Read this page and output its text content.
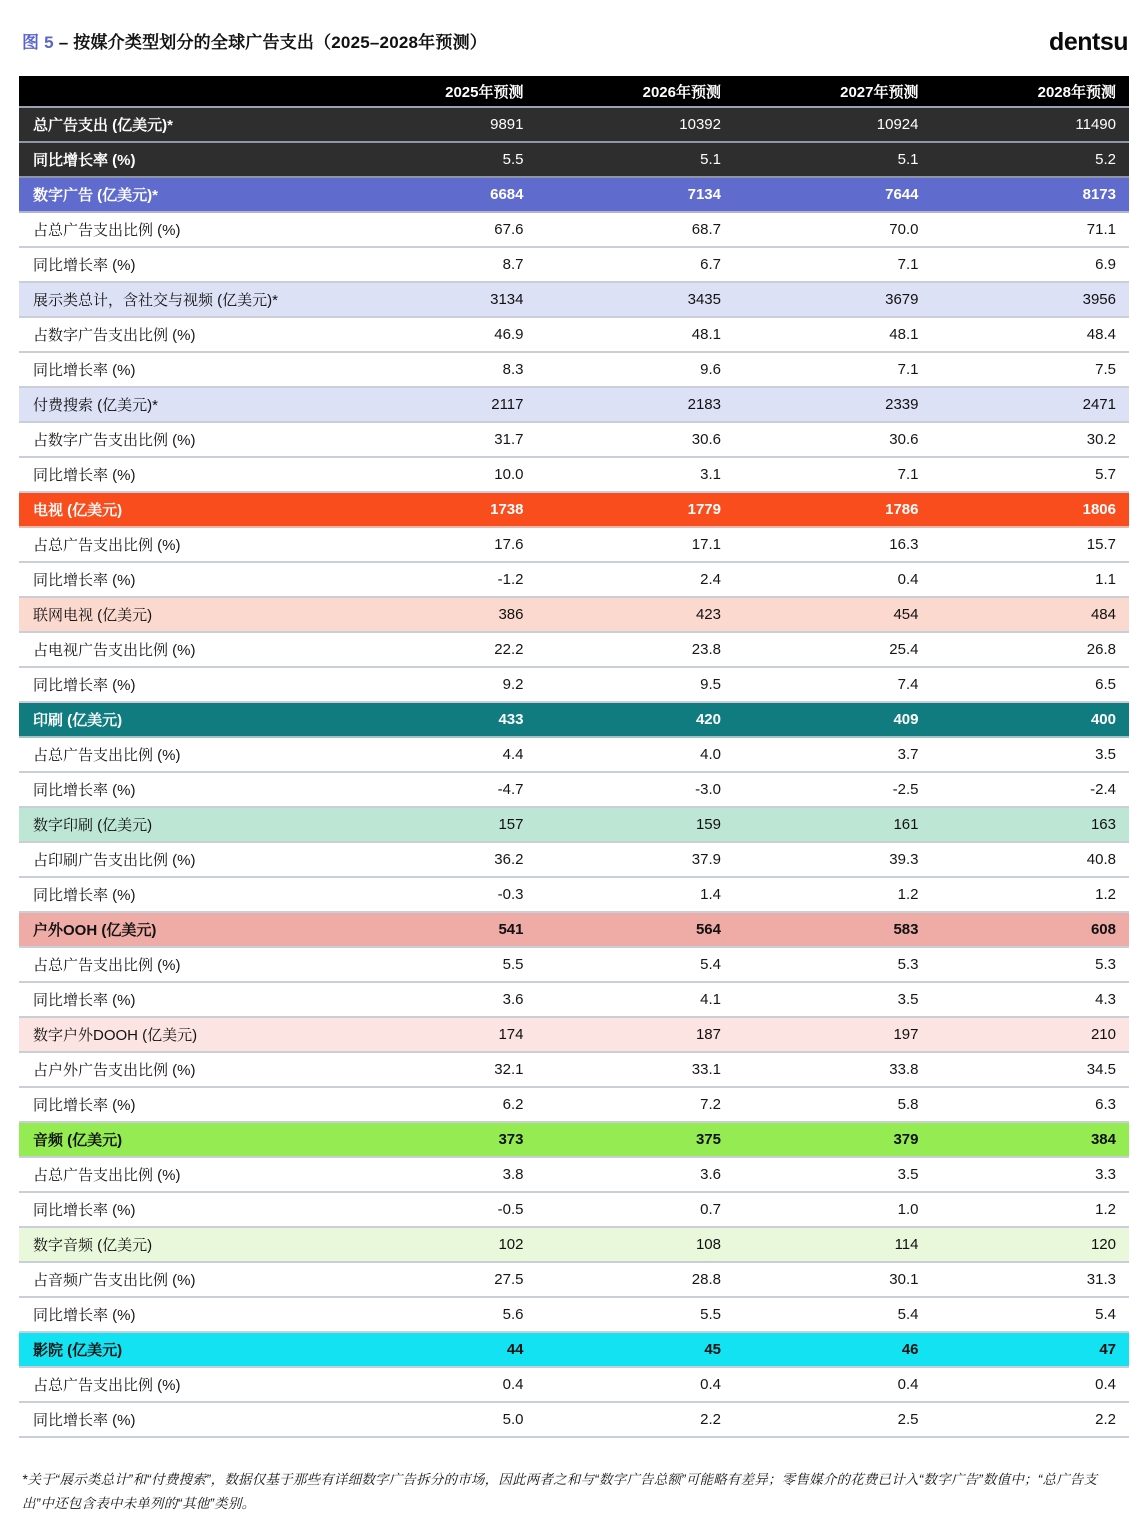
图 5 – 按媒介类型划分的全球广告支出（2025–2028年预测）	dentsu
	2025年预测	2026年预测	2027年预测	2028年预测
总广告支出 (亿美元)*	9891	10392	10924	11490
同比增长率 (%)	5.5	5.1	5.1	5.2
数字广告 (亿美元)*	6684	7134	7644	8173
占总广告支出比例 (%)	67.6	68.7	70.0	71.1
同比增长率 (%)	8.7	6.7	7.1	6.9
展示类总计，含社交与视频 (亿美元)*	3134	3435	3679	3956
占数字广告支出比例 (%)	46.9	48.1	48.1	48.4
同比增长率 (%)	8.3	9.6	7.1	7.5
付费搜索 (亿美元)*	2117	2183	2339	2471
占数字广告支出比例 (%)	31.7	30.6	30.6	30.2
同比增长率 (%)	10.0	3.1	7.1	5.7
电视 (亿美元)	1738	1779	1786	1806
占总广告支出比例 (%)	17.6	17.1	16.3	15.7
同比增长率 (%)	-1.2	2.4	0.4	1.1
联网电视 (亿美元)	386	423	454	484
占电视广告支出比例 (%)	22.2	23.8	25.4	26.8
同比增长率 (%)	9.2	9.5	7.4	6.5
印刷 (亿美元)	433	420	409	400
占总广告支出比例 (%)	4.4	4.0	3.7	3.5
同比增长率 (%)	-4.7	-3.0	-2.5	-2.4
数字印刷 (亿美元)	157	159	161	163
占印刷广告支出比例 (%)	36.2	37.9	39.3	40.8
同比增长率 (%)	-0.3	1.4	1.2	1.2
户外OOH (亿美元)	541	564	583	608
占总广告支出比例 (%)	5.5	5.4	5.3	5.3
同比增长率 (%)	3.6	4.1	3.5	4.3
数字户外DOOH (亿美元)	174	187	197	210
占户外广告支出比例 (%)	32.1	33.1	33.8	34.5
同比增长率 (%)	6.2	7.2	5.8	6.3
音频 (亿美元)	373	375	379	384
占总广告支出比例 (%)	3.8	3.6	3.5	3.3
同比增长率 (%)	-0.5	0.7	1.0	1.2
数字音频 (亿美元)	102	108	114	120
占音频广告支出比例 (%)	27.5	28.8	30.1	31.3
同比增长率 (%)	5.6	5.5	5.4	5.4
影院 (亿美元)	44	45	46	47
占总广告支出比例 (%)	0.4	0.4	0.4	0.4
同比增长率 (%)	5.0	2.2	2.5	2.2
*关于“展示类总计”和“付费搜索”，数据仅基于那些有详细数字广告拆分的市场，因此两者之和与“数字广告总额”可能略有差异；零售媒介的花费已计入“数字广告”数值中；“总广告支出”中还包含表中未单列的“其他”类别。
